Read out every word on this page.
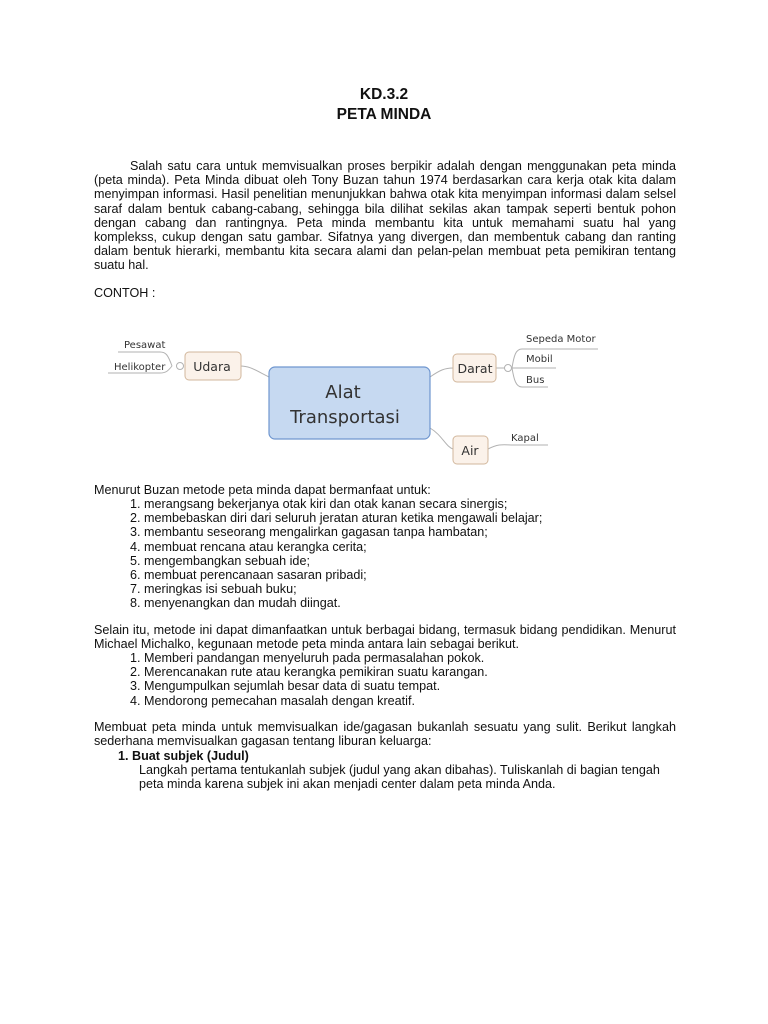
KD.3.2
PETA MINDA
Salah satu cara untuk memvisualkan proses berpikir adalah dengan menggunakan peta minda (peta minda). Peta Minda dibuat oleh Tony Buzan tahun 1974 berdasarkan cara kerja otak kita dalam menyimpan informasi. Hasil penelitian menunjukkan bahwa otak kita menyimpan informasi dalam selsel saraf dalam bentuk cabang-cabang, sehingga bila dilihat sekilas akan tampak seperti bentuk pohon dengan cabang dan rantingnya. Peta minda membantu kita untuk memahami suatu hal yang komplekss, cukup dengan satu gambar. Sifatnya yang divergen, dan membentuk cabang dan ranting dalam bentuk hierarki, membantu kita secara alami dan pelan-pelan membuat peta pemikiran tentang suatu hal.
CONTOH :
Alat
Transportasi
Udara	Darat
Air
Pesawat
Helikopter
Sepeda Motor
Mobil
Bus
Kapal
Menurut Buzan metode peta minda dapat bermanfaat untuk:
1. merangsang bekerjanya otak kiri dan otak kanan secara sinergis;
2. membebaskan diri dari seluruh jeratan aturan ketika mengawali belajar;
3. membantu seseorang mengalirkan gagasan tanpa hambatan;
4. membuat rencana atau kerangka cerita;
5. mengembangkan sebuah ide;
6. membuat perencanaan sasaran pribadi;
7. meringkas isi sebuah buku;
8. menyenangkan dan mudah diingat.
Selain itu, metode ini dapat dimanfaatkan untuk berbagai bidang, termasuk bidang pendidikan. Menurut Michael Michalko, kegunaan metode peta minda antara lain sebagai berikut.
1. Memberi pandangan menyeluruh pada permasalahan pokok.
2. Merencanakan rute atau kerangka pemikiran suatu karangan.
3. Mengumpulkan sejumlah besar data di suatu tempat.
4. Mendorong pemecahan masalah dengan kreatif.
Membuat peta minda untuk memvisualkan ide/gagasan bukanlah sesuatu yang sulit. Berikut langkah sederhana memvisualkan gagasan tentang liburan keluarga:
1. Buat subjek (Judul)
Langkah pertama tentukanlah subjek (judul yang akan dibahas). Tuliskanlah di bagian tengah peta minda karena subjek ini akan menjadi center dalam peta minda Anda.
